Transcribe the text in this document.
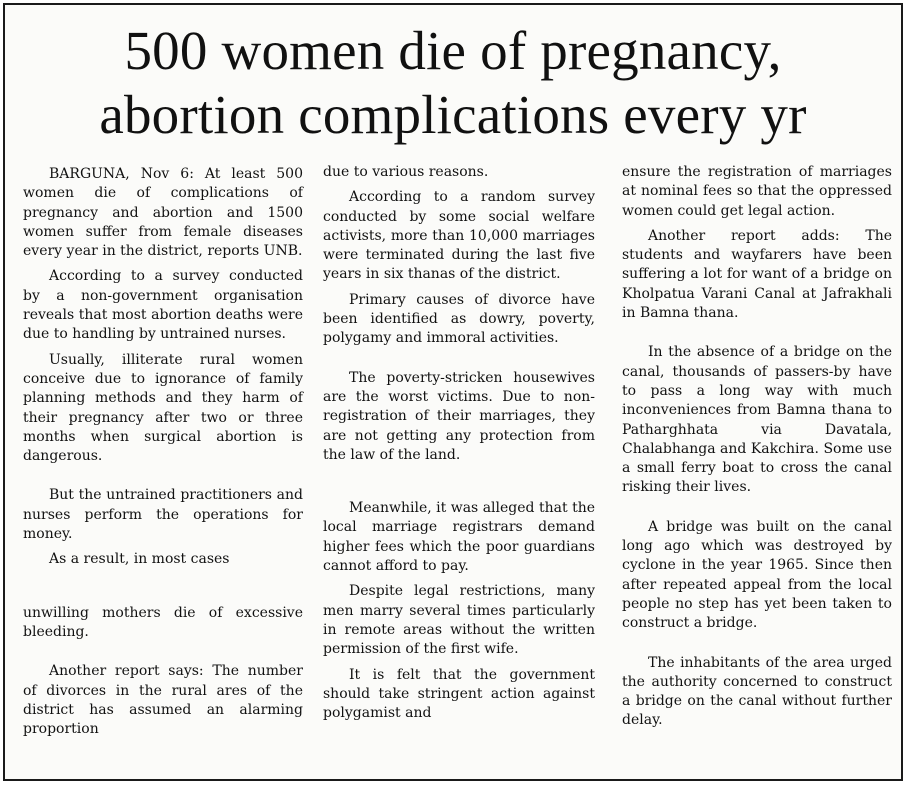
500 women die of pregnancy,
abortion complications every yr

BARGUNA, Nov 6: At least 500 women die of complications of pregnancy and abortion and 1500 women suffer from female diseases every year in the district, reports UNB.

According to a survey conducted by a non-government organisation reveals that most abortion deaths were due to handling by untrained nurses.

Usually, illiterate rural women conceive due to ignorance of family planning methods and they harm of their pregnancy after two or three months when surgical abortion is dangerous.

But the untrained practitioners and nurses perform the operations for money.

As a result, in most cases

unwilling mothers die of excessive bleeding.

Another report says: The number of divorces in the rural ares of the district has assumed an alarming proportion

due to various reasons.

According to a random survey conducted by some social welfare activists, more than 10,000 marriages were terminated during the last five years in six thanas of the district.

Primary causes of divorce have been identified as dowry, poverty, polygamy and immoral activities.

The poverty-stricken housewives are the worst victims. Due to non-registration of their marriages, they are not getting any protection from the law of the land.

Meanwhile, it was alleged that the local marriage registrars demand higher fees which the poor guardians cannot afford to pay.

Despite legal restrictions, many men marry several times particularly in remote areas without the written permission of the first wife.

It is felt that the government should take stringent action against polygamist and

ensure the registration of marriages at nominal fees so that the oppressed women could get legal action.

Another report adds: The students and wayfarers have been suffering a lot for want of a bridge on Kholpatua Varani Canal at Jafrakhali in Bamna thana.

In the absence of a bridge on the canal, thousands of passers-by have to pass a long way with much inconveniences from Bamna thana to Patharghhata via Davatala, Chalabhanga and Kakchira. Some use a small ferry boat to cross the canal risking their lives.

A bridge was built on the canal long ago which was destroyed by cyclone in the year 1965. Since then after repeated appeal from the local people no step has yet been taken to construct a bridge.

The inhabitants of the area urged the authority concerned to construct a bridge on the canal without further delay.
